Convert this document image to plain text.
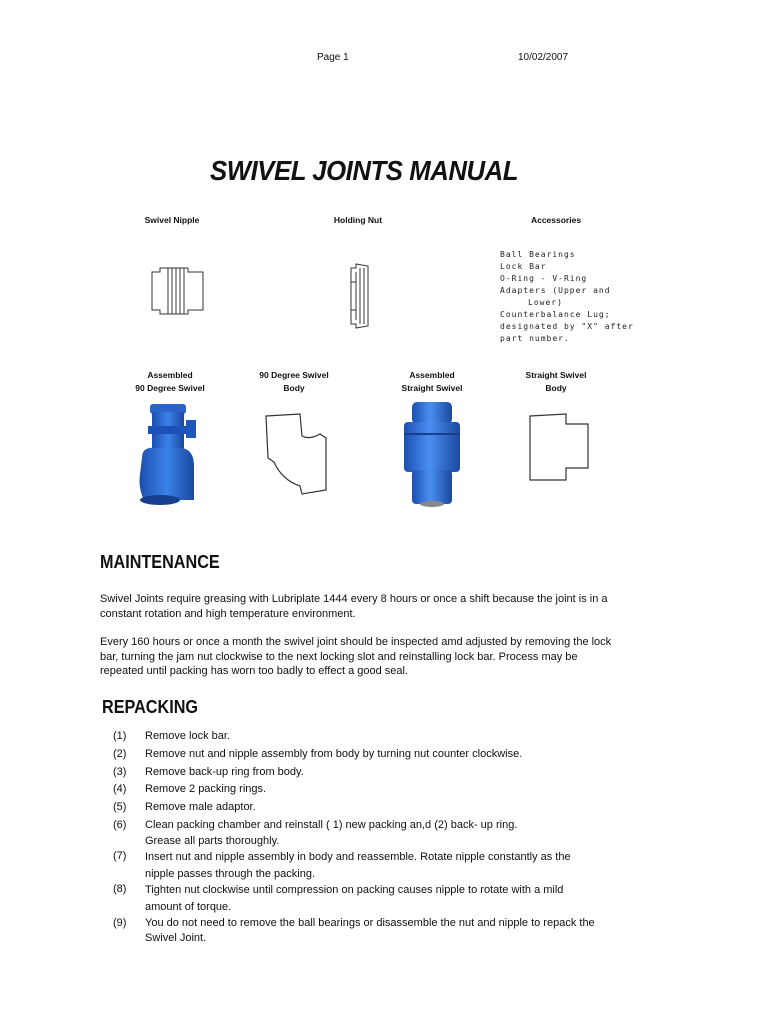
Page 1	10/02/2007
SWIVEL JOINTS MANUAL
Swivel Nipple	Holding Nut	Accessories
Ball Bearings
Lock Bar
O-Ring - V-Ring
Adapters (Upper and
Lower)
Counterbalance Lug;
designated by "X" after
part number.
Assembled
90 Degree Swivel
90 Degree Swivel
Body
Assembled
Straight Swivel
Straight Swivel
Body
MAINTENANCE
Swivel Joints require greasing with Lubriplate 1444 every 8 hours or once a shift because the joint is in a constant rotation and high temperature environment.
Every 160 hours or once a month the swivel joint should be inspected amd adjusted by removing the lock bar, turning the jam nut clockwise to the next locking slot and reinstalling lock bar. Process may be repeated until packing has worn too badly to effect a good seal.
REPACKING
(1)	Remove lock bar.
(2)	Remove nut and nipple assembly from body by turning nut counter clockwise.
(3)	Remove back-up ring from body.
(4)	Remove 2 packing rings.
(5)	Remove male adaptor.
(6)	Clean packing chamber and reinstall ( 1) new packing an,d (2) back- up ring.
Grease all parts thoroughly.
(7)	Insert nut and nipple assembly in body and reassemble. Rotate nipple constantly as the nipple passes through the packing.
(8)	Tighten nut clockwise until compression on packing causes nipple to rotate with a mild amount of torque.
(9)	You do not need to remove the ball bearings or disassemble the nut and nipple to repack the Swivel Joint.
